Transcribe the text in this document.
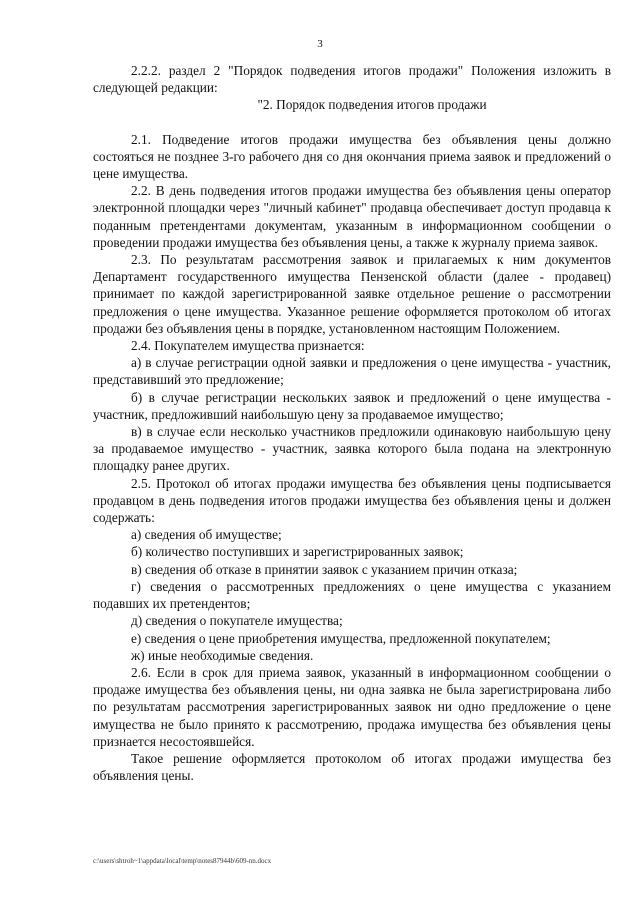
3

2.2.2. раздел 2 "Порядок подведения итогов продажи" Положения изложить в следующей редакции:

"2. Порядок подведения итогов продажи

2.1. Подведение итогов продажи имущества без объявления цены должно состояться не позднее 3-го рабочего дня со дня окончания приема заявок и предложений о цене имущества.

2.2. В день подведения итогов продажи имущества без объявления цены оператор электронной площадки через "личный кабинет" продавца обеспечивает доступ продавца к поданным претендентами документам, указанным в информационном сообщении о проведении продажи имущества без объявления цены, а также к журналу приема заявок.

2.3. По результатам рассмотрения заявок и прилагаемых к ним документов Департамент государственного имущества Пензенской области (далее - продавец) принимает по каждой зарегистрированной заявке отдельное решение о рассмотрении предложения о цене имущества. Указанное решение оформляется протоколом об итогах продажи без объявления цены в порядке, установленном настоящим Положением.

2.4. Покупателем имущества признается:

а) в случае регистрации одной заявки и предложения о цене имущества - участник, представивший это предложение;

б) в случае регистрации нескольких заявок и предложений о цене имущества - участник, предложивший наибольшую цену за продаваемое имущество;

в) в случае если несколько участников предложили одинаковую наибольшую цену за продаваемое имущество - участник, заявка которого была подана на электронную площадку ранее других.

2.5. Протокол об итогах продажи имущества без объявления цены подписывается продавцом в день подведения итогов продажи имущества без объявления цены и должен содержать:

а) сведения об имуществе;

б) количество поступивших и зарегистрированных заявок;

в) сведения об отказе в принятии заявок с указанием причин отказа;

г) сведения о рассмотренных предложениях о цене имущества с указанием подавших их претендентов;

д) сведения о покупателе имущества;

е) сведения о цене приобретения имущества, предложенной покупателем;

ж) иные необходимые сведения.

2.6. Если в срок для приема заявок, указанный в информационном сообщении о продаже имущества без объявления цены, ни одна заявка не была зарегистрирована либо по результатам рассмотрения зарегистрированных заявок ни одно предложение о цене имущества не было принято к рассмотрению, продажа имущества без объявления цены признается несостоявшейся.

Такое решение оформляется протоколом об итогах продажи имущества без объявления цены.

c:\users\shtroh~1\appdata\local\temp\notes87944b\609-nn.docx
